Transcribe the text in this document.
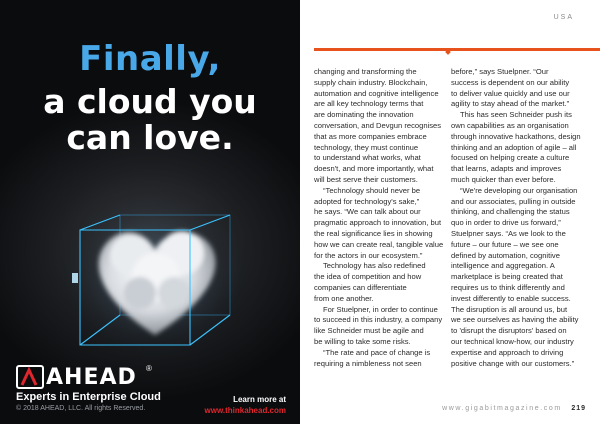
Finally,
a cloud you
can love.
AHEAD ®
Experts in Enterprise Cloud
© 2018 AHEAD, LLC. All rights Reserved.
Learn more at
www.thinkahead.com
USA
changing and transforming the
supply chain industry. Blockchain,
automation and cognitive intelligence
are all key technology terms that
are dominating the innovation
conversation, and Devgun recognises
that as more companies embrace
technology, they must continue
to understand what works, what
doesn't, and more importantly, what
will best serve their customers.
“Technology should never be
adopted for technology's sake,”
he says. “We can talk about our
pragmatic approach to innovation, but
the real significance lies in showing
how we can create real, tangible value
for the actors in our ecosystem.”
Technology has also redefined
the idea of competition and how
companies can differentiate
from one another.
For Stuelpner, in order to continue
to succeed in this industry, a company
like Schneider must be agile and
be willing to take some risks.
“The rate and pace of change is
requiring a nimbleness not seen
before,” says Stuelpner. “Our
success is dependent on our ability
to deliver value quickly and use our
agility to stay ahead of the market.”
This has seen Schneider push its
own capabilities as an organisation
through innovative hackathons, design
thinking and an adoption of agile – all
focused on helping create a culture
that learns, adapts and improves
much quicker than ever before.
“We're developing our organisation
and our associates, pulling in outside
thinking, and challenging the status
quo in order to drive us forward,”
Stuelpner says. “As we look to the
future – our future – we see one
defined by automation, cognitive
intelligence and aggregation. A
marketplace is being created that
requires us to think differently and
invest differently to enable success.
The disruption is all around us, but
we see ourselves as having the ability
to 'disrupt the disruptors' based on
our technical know-how, our industry
expertise and approach to driving
positive change with our customers.”
www.gigabitmagazine.com 219
